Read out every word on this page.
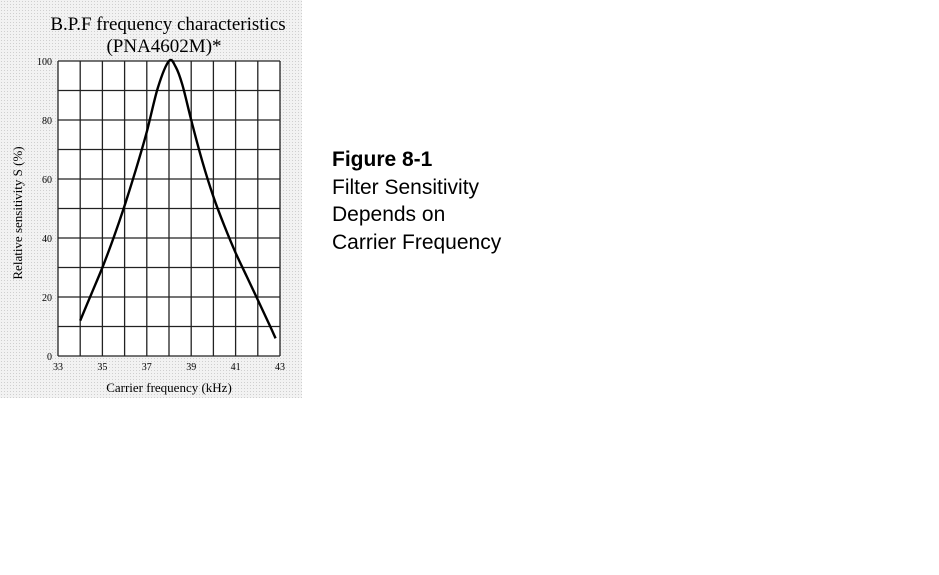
B.P.F frequency characteristics
(PNA4602M)*
33	35	37	39	41	43
0
20
40
60
80
100
Carrier frequency (kHz)
Relative sensitivity S (%)	Figure 8-1
Filter Sensitivity
Depends on
Carrier Frequency
